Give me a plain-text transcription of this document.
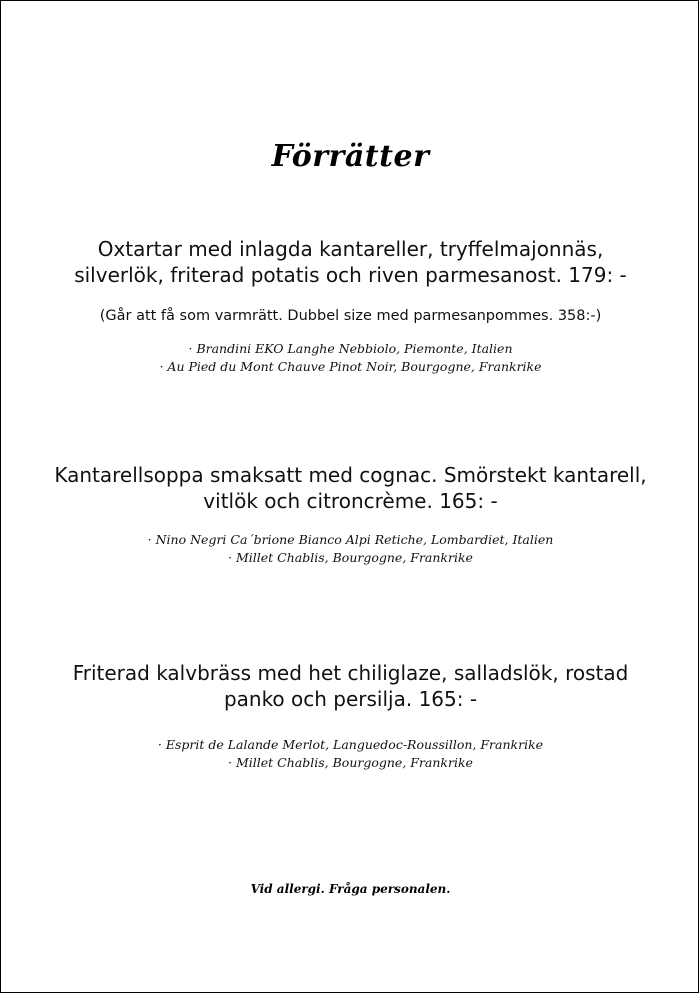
Förrätter
Oxtartar med inlagda kantareller, tryffelmajonnäs,
silverlök, friterad potatis och riven parmesanost. 179: -
(Går att få som varmrätt. Dubbel size med parmesanpommes. 358:-)
· Brandini EKO Langhe Nebbiolo, Piemonte, Italien
· Au Pied du Mont Chauve Pinot Noir, Bourgogne, Frankrike
Kantarellsoppa smaksatt med cognac. Smörstekt kantarell,
vitlök och citroncrème. 165: -
· Nino Negri Ca´brione Bianco Alpi Retiche, Lombardiet, Italien
· Millet Chablis, Bourgogne, Frankrike
Friterad kalvbräss med het chiliglaze, salladslök, rostad
panko och persilja. 165: -
· Esprit de Lalande Merlot, Languedoc-Roussillon, Frankrike
· Millet Chablis, Bourgogne, Frankrike
Vid allergi. Fråga personalen.
